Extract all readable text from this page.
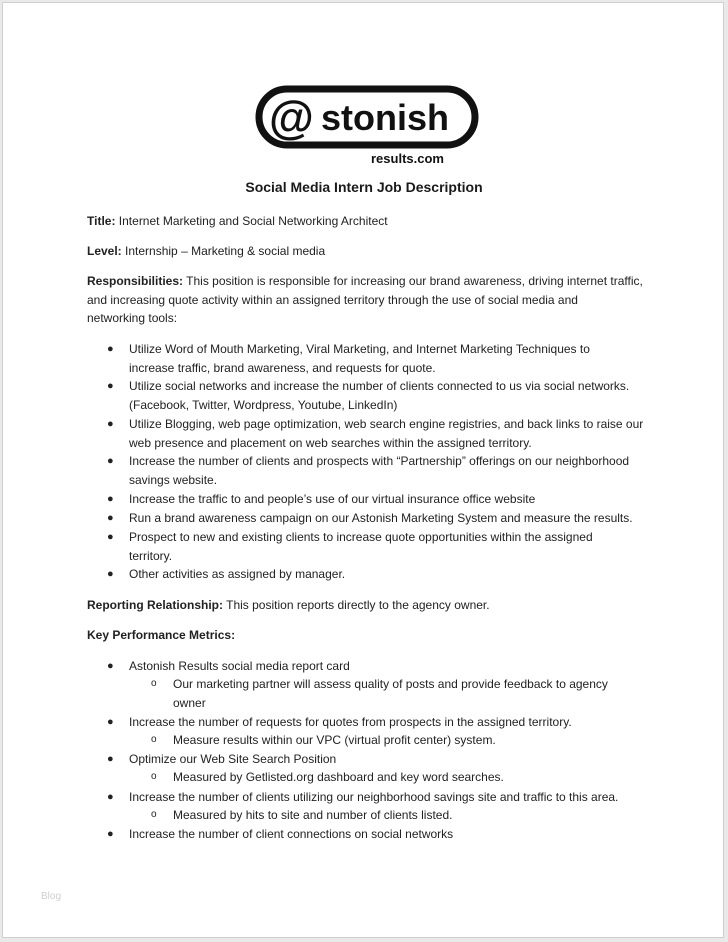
@ stonish
results.com
Social Media Intern Job Description
Title: Internet Marketing and Social Networking Architect
Level: Internship – Marketing & social media
Responsibilities: This position is responsible for increasing our brand awareness, driving internet traffic,
and increasing quote activity within an assigned territory through the use of social media and
networking tools:
● Utilize Word of Mouth Marketing, Viral Marketing, and Internet Marketing Techniques to
increase traffic, brand awareness, and requests for quote.
● Utilize social networks and increase the number of clients connected to us via social networks.
(Facebook, Twitter, Wordpress, Youtube, LinkedIn)
● Utilize Blogging, web page optimization, web search engine registries, and back links to raise our
web presence and placement on web searches within the assigned territory.
● Increase the number of clients and prospects with “Partnership” offerings on our neighborhood
savings website.
● Increase the traffic to and people’s use of our virtual insurance office website
● Run a brand awareness campaign on our Astonish Marketing System and measure the results.
● Prospect to new and existing clients to increase quote opportunities within the assigned
territory.
● Other activities as assigned by manager.
Reporting Relationship: This position reports directly to the agency owner.
Key Performance Metrics:
● Astonish Results social media report card
o Our marketing partner will assess quality of posts and provide feedback to agency
owner
● Increase the number of requests for quotes from prospects in the assigned territory.
o Measure results within our VPC (virtual profit center) system.
● Optimize our Web Site Search Position
o Measured by Getlisted.org dashboard and key word searches.
● Increase the number of clients utilizing our neighborhood savings site and traffic to this area.
o Measured by hits to site and number of clients listed.
● Increase the number of client connections on social networks
Blog
